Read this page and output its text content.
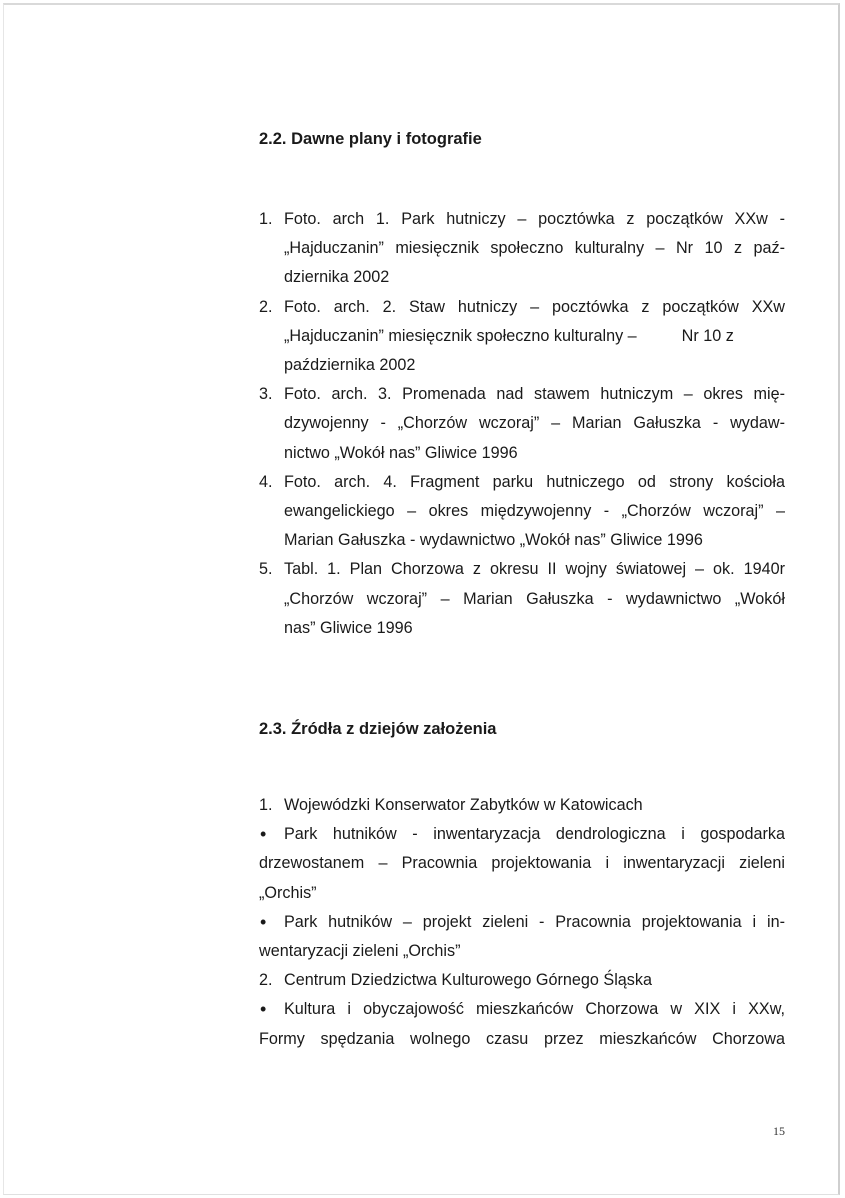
2.2. Dawne plany i fotografie
1. Foto. arch 1. Park hutniczy – pocztówka z początków XXw -
„Hajduczanin” miesięcznik społeczno kulturalny – Nr 10 z paź-
dziernika 2002
2. Foto. arch. 2. Staw hutniczy – pocztówka z początków XXw
„Hajduczanin” miesięcznik społeczno kulturalny –          Nr 10 z
października 2002
3. Foto. arch. 3. Promenada nad stawem hutniczym – okres mię-
dzywojenny - „Chorzów wczoraj” – Marian Gałuszka - wydaw-
nictwo „Wokół nas” Gliwice 1996
4. Foto. arch. 4. Fragment parku hutniczego od strony kościoła
ewangelickiego – okres międzywojenny - „Chorzów wczoraj” –
Marian Gałuszka - wydawnictwo „Wokół nas” Gliwice 1996
5. Tabl. 1. Plan Chorzowa z okresu II wojny światowej – ok. 1940r
„Chorzów wczoraj” – Marian Gałuszka - wydawnictwo „Wokół
nas” Gliwice 1996
2.3. Źródła z dziejów założenia
1. Wojewódzki Konserwator Zabytków w Katowicach
• Park hutników - inwentaryzacja dendrologiczna i gospodarka
drzewostanem – Pracownia projektowania i inwentaryzacji zieleni
„Orchis”
• Park hutników – projekt zieleni - Pracownia projektowania i in-
wentaryzacji zieleni „Orchis”
2. Centrum Dziedzictwa Kulturowego Górnego Śląska
• Kultura i obyczajowość mieszkańców Chorzowa w XIX i XXw,
Formy spędzania wolnego czasu przez mieszkańców Chorzowa
15
